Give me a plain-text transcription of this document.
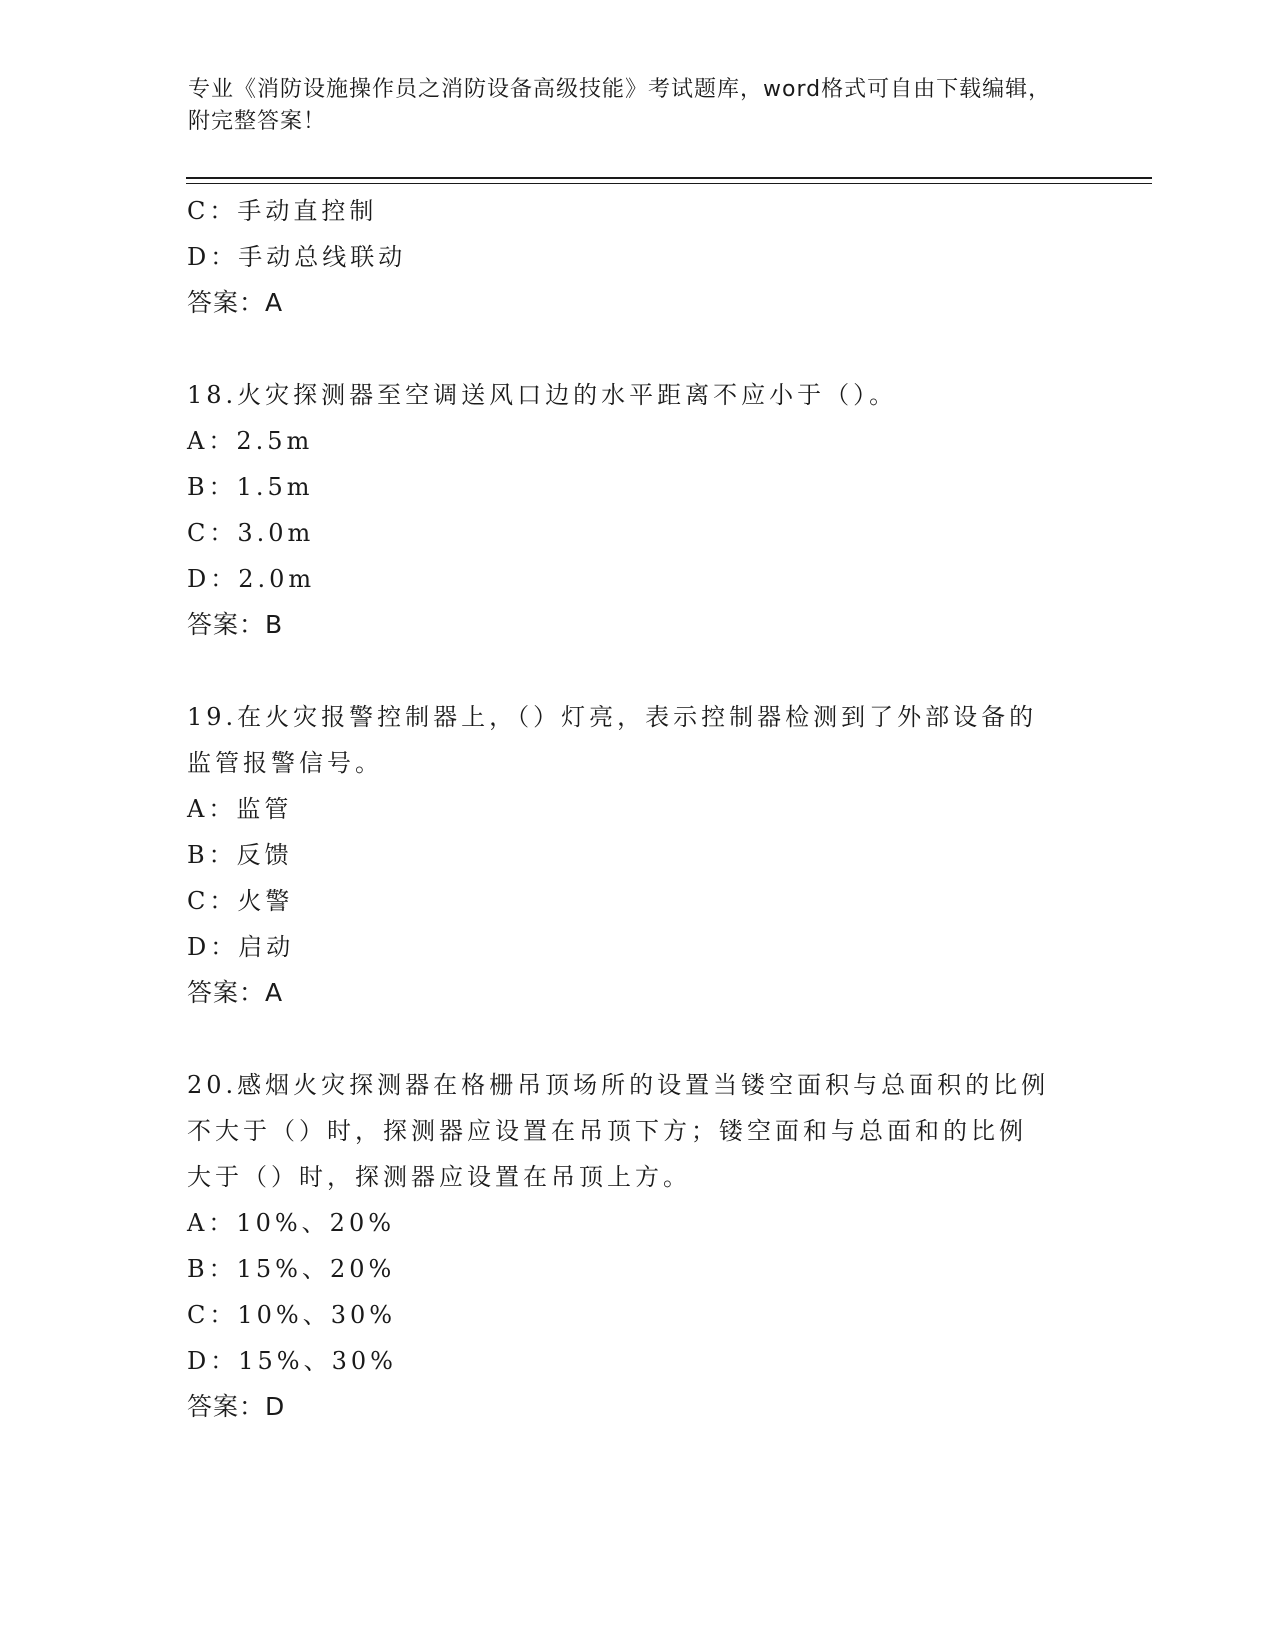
专业《消防设施操作员之消防设备高级技能》考试题库，word格式可自由下载编辑，附完整答案！
C：手动直控制
D：手动总线联动
答案：A
18.火灾探测器至空调送风口边的水平距离不应小于（）。
A：2.5m
B：1.5m
C：3.0m
D：2.0m
答案：B
19.在火灾报警控制器上，（）灯亮，表示控制器检测到了外部设备的
监管报警信号。
A：监管
B：反馈
C：火警
D：启动
答案：A
20.感烟火灾探测器在格栅吊顶场所的设置当镂空面积与总面积的比例
不大于（）时，探测器应设置在吊顶下方；镂空面和与总面和的比例
大于（）时，探测器应设置在吊顶上方。
A：10%、20%
B：15%、20%
C：10%、30%
D：15%、30%
答案：D
